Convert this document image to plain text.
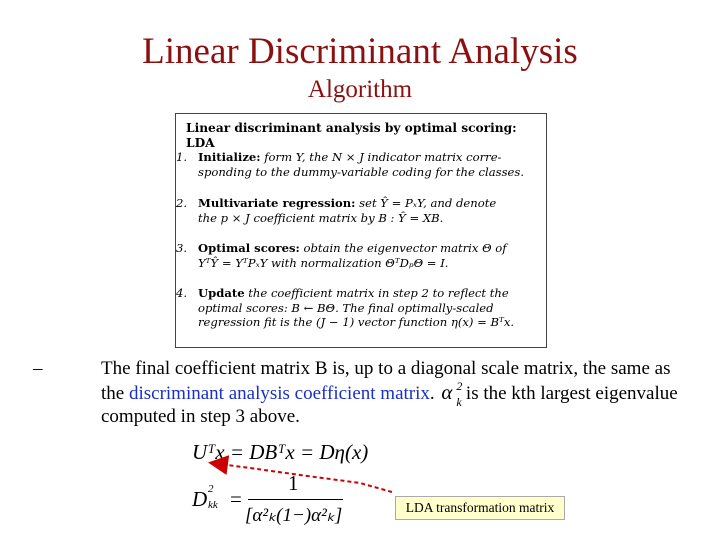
Linear Discriminant Analysis
Algorithm
Linear discriminant analysis by optimal scoring: LDA
1. Initialize: form Y, the N × J indicator matrix corre-
sponding to the dummy-variable coding for the classes.
2. Multivariate regression: set Ŷ = PₓY, and denote
the p × J coefficient matrix by B : Ŷ = XB.
3. Optimal scores: obtain the eigenvector matrix Θ of
YᵀŶ = YᵀPₓY with normalization ΘᵀDₚΘ = I.
4. Update the coefficient matrix in step 2 to reflect the
optimal scores: B ← BΘ. The final optimally-scaled
regression fit is the (J − 1) vector function η(x) = Bᵀx.
–	The final coefficient matrix B is, up to a diagonal scale matrix, the same as the discriminant analysis coefficient matrix. α 2
k is the kth largest eigenvalue computed in step 3 above.
Uᵀx = DBᵀx = Dη(x)
D 2
kk =
1
[α²ₖ(1−)α²ₖ]	LDA transformation matrix
